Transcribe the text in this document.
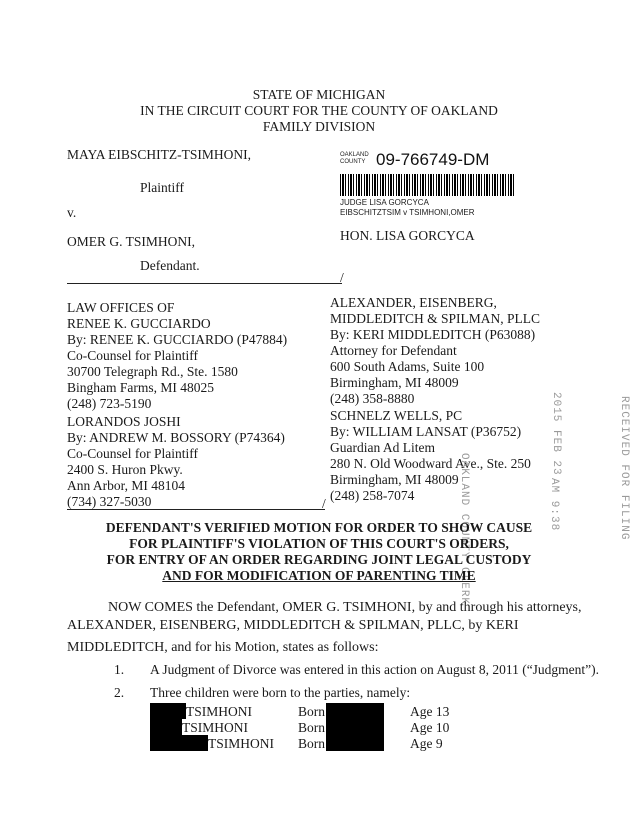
STATE OF MICHIGAN
IN THE CIRCUIT COURT FOR THE COUNTY OF OAKLAND
FAMILY DIVISION
MAYA EIBSCHITZ-TSIMHONI,
Plaintiff
v.
OMER G. TSIMHONI,
Defendant.
/
OAKLAND
COUNTY 09-766749-DM
JUDGE LISA GORCYCA
EIBSCHITZTSIM v TSIMHONI,OMER
HON. LISA GORCYCA
LAW OFFICES OF
RENEE K. GUCCIARDO
By: RENEE K. GUCCIARDO (P47884)
Co-Counsel for Plaintiff
30700 Telegraph Rd., Ste. 1580
Bingham Farms, MI 48025
(248) 723-5190
LORANDOS JOSHI
By: ANDREW M. BOSSORY (P74364)
Co-Counsel for Plaintiff
2400 S. Huron Pkwy.
Ann Arbor, MI 48104
(734) 327-5030
ALEXANDER, EISENBERG,
MIDDLEDITCH & SPILMAN, PLLC
By: KERI MIDDLEDITCH (P63088)
Attorney for Defendant
600 South Adams, Suite 100
Birmingham, MI 48009
(248) 358-8880
SCHNELZ WELLS, PC
By: WILLIAM LANSAT (P36752)
Guardian Ad Litem
280 N. Old Woodward Ave., Ste. 250
Birmingham, MI 48009
(248) 258-7074
/	OAKLAND COUNTY CLERK
2015 FEB 23
AM 9:38	RECEIVED FOR FILING
DEFENDANT'S VERIFIED MOTION FOR ORDER TO SHOW CAUSE
FOR PLAINTIFF'S VIOLATION OF THIS COURT'S ORDERS,
FOR ENTRY OF AN ORDER REGARDING JOINT LEGAL CUSTODY
AND FOR MODIFICATION OF PARENTING TIME
NOW COMES the Defendant, OMER G. TSIMHONI, by and through his attorneys,
ALEXANDER, EISENBERG, MIDDLEDITCH & SPILMAN, PLLC, by KERI
MIDDLEDITCH, and for his Motion, states as follows:
1. A Judgment of Divorce was entered in this action on August 8, 2011 (“Judgment”).
2. Three children were born to the parties, namely:
TSIMHONI	Born	Age 13
TSIMHONI	Born	Age 10
TSIMHONI Born	Age 9
